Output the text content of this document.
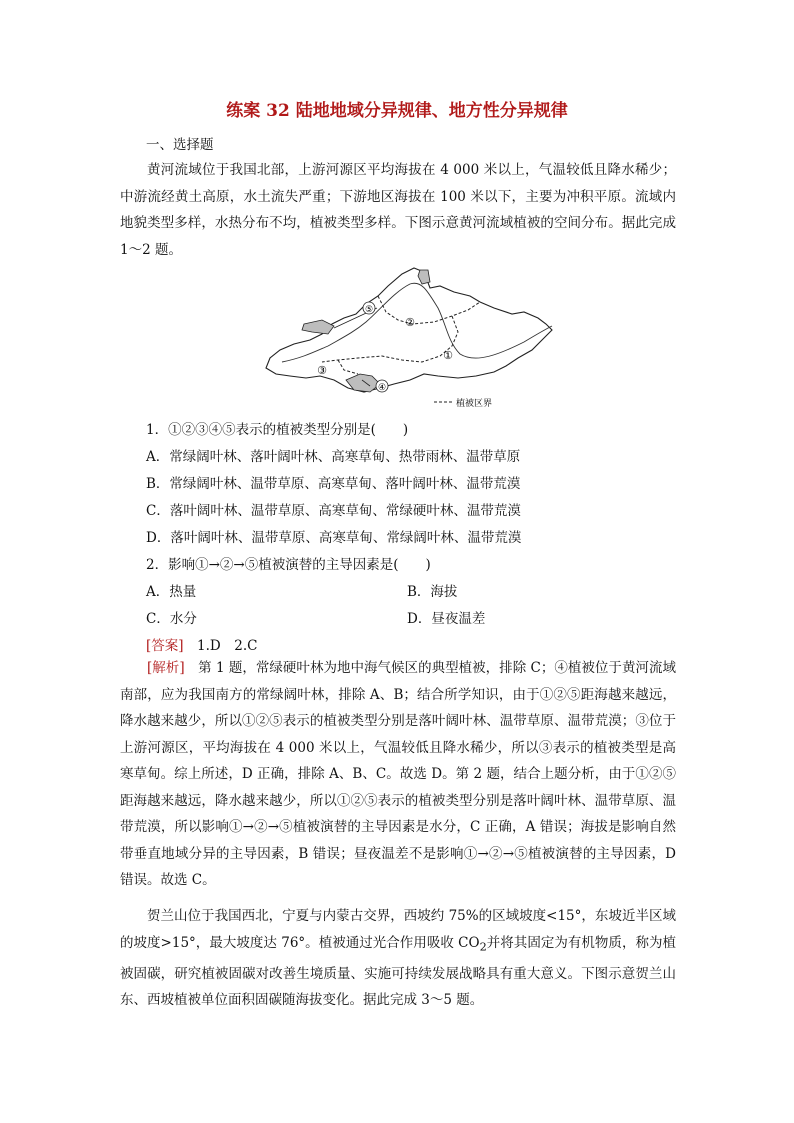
练案 32 陆地地域分异规律、地方性分异规律
一、选择题

黄河流域位于我国北部，上游河源区平均海拔在 4 000 米以上，气温较低且降水稀少；中游流经黄土高原，水土流失严重；下游地区海拔在 100 米以下，主要为冲积平原。流域内地貌类型多样，水热分布不均，植被类型多样。下图示意黄河流域植被的空间分布。据此完成 1～2 题。

⑤
②
①
③
④
植被区界
1．①②③④⑤表示的植被类型分别是(　　)
A．常绿阔叶林、落叶阔叶林、高寒草甸、热带雨林、温带草原
B．常绿阔叶林、温带草原、高寒草甸、落叶阔叶林、温带荒漠
C．落叶阔叶林、温带草原、高寒草甸、常绿硬叶林、温带荒漠
D．落叶阔叶林、温带草原、高寒草甸、常绿阔叶林、温带荒漠
2．影响①→②→⑤植被演替的主导因素是(　　)
A．热量	B．海拔
C．水分	D．昼夜温差
[答案]　1.D　2.C

[解析]　第 1 题，常绿硬叶林为地中海气候区的典型植被，排除 C；④植被位于黄河流域南部，应为我国南方的常绿阔叶林，排除 A、B；结合所学知识，由于①②⑤距海越来越远，降水越来越少，所以①②⑤表示的植被类型分别是落叶阔叶林、温带草原、温带荒漠；③位于上游河源区，平均海拔在 4 000 米以上，气温较低且降水稀少，所以③表示的植被类型是高寒草甸。综上所述，D 正确，排除 A、B、C。故选 D。第 2 题，结合上题分析，由于①②⑤距海越来越远，降水越来越少，所以①②⑤表示的植被类型分别是落叶阔叶林、温带草原、温带荒漠，所以影响①→②→⑤植被演替的主导因素是水分，C 正确，A 错误；海拔是影响自然带垂直地域分异的主导因素，B 错误；昼夜温差不是影响①→②→⑤植被演替的主导因素，D 错误。故选 C。

贺兰山位于我国西北，宁夏与内蒙古交界，西坡约 75%的区域坡度<15°，东坡近半区域的坡度>15°，最大坡度达 76°。植被通过光合作用吸收 $CO_2$并将其固定为有机物质，称为植被固碳，研究植被固碳对改善生境质量、实施可持续发展战略具有重大意义。下图示意贺兰山东、西坡植被单位面积固碳随海拔变化。据此完成 3～5 题。
